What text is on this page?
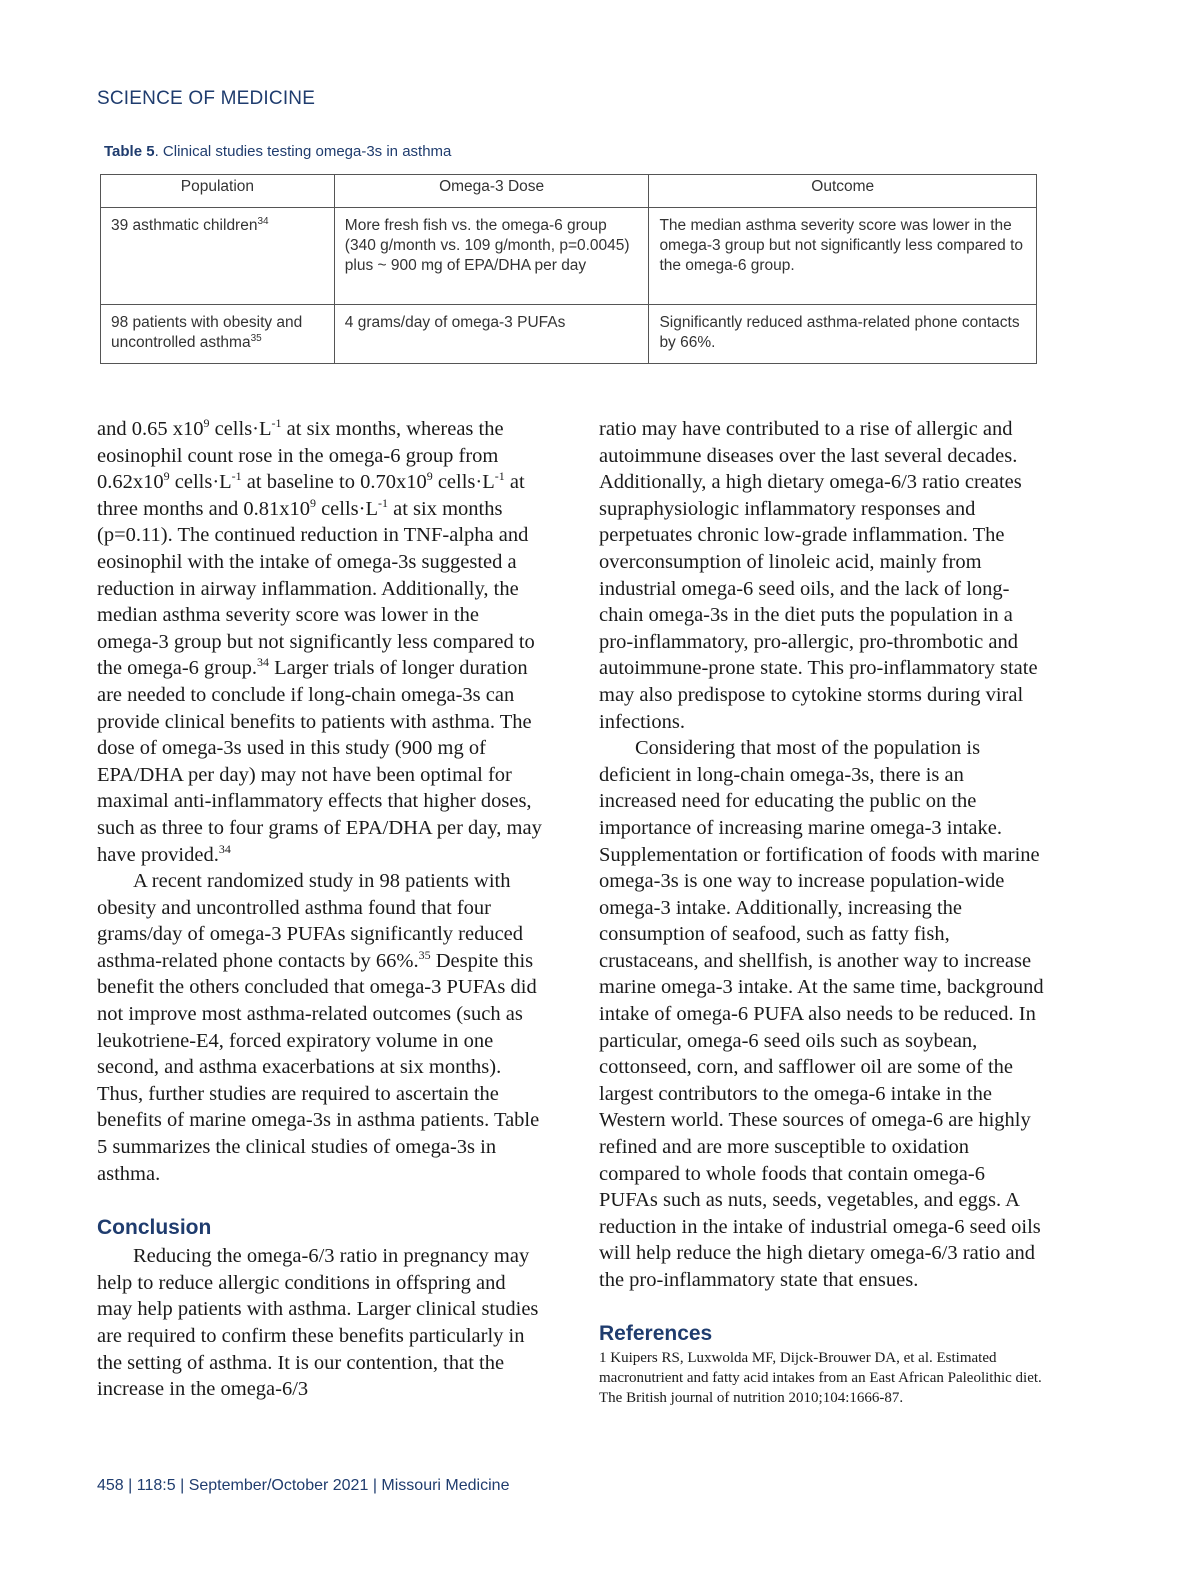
SCIENCE OF MEDICINE
Table 5. Clinical studies testing omega-3s in asthma
Population	Omega-3 Dose	Outcome
39 asthmatic children$^{34}$	More fresh fish vs. the omega-6 group (340 g/month vs. 109 g/month, p=0.0045) plus ~ 900 mg of EPA/DHA per day	The median asthma severity score was lower in the omega-3 group but not significantly less compared to the omega-6 group.
98 patients with obesity and uncontrolled asthma$^{35}$	4 grams/day of omega-3 PUFAs	Significantly reduced asthma-related phone contacts by 66%.

and 0.65 $x10^9$ $cells\cdot L^{-1}$ at six months, whereas the eosinophil count rose in the omega-6 group from $0.62x10^9$ $cells\cdot L^{-1}$ at baseline to $0.70x10^9$ $cells\cdot L^{-1}$ at three months and $0.81x10^9$ $cells\cdot L^{-1}$ at six months (p=0.11). The continued reduction in TNF-alpha and eosinophil with the intake of omega-3s suggested a reduction in airway inflammation. Additionally, the median asthma severity score was lower in the omega-3 group but not significantly less compared to the omega-6 group.$^{34}$ Larger trials of longer duration are needed to conclude if long-chain omega-3s can provide clinical benefits to patients with asthma. The dose of omega-3s used in this study (900 mg of EPA/DHA per day) may not have been optimal for maximal anti-inflammatory effects that higher doses, such as three to four grams of EPA/DHA per day, may have provided.$^{34}$

A recent randomized study in 98 patients with obesity and uncontrolled asthma found that four grams/day of omega-3 PUFAs significantly reduced asthma-related phone contacts by 66%.$^{35}$ Despite this benefit the others concluded that omega-3 PUFAs did not improve most asthma-related outcomes (such as leukotriene-E4, forced expiratory volume in one second, and asthma exacerbations at six months). Thus, further studies are required to ascertain the benefits of marine omega-3s in asthma patients. Table 5 summarizes the clinical studies of omega-3s in asthma.

Conclusion

Reducing the omega-6/3 ratio in pregnancy may help to reduce allergic conditions in offspring and may help patients with asthma. Larger clinical studies are required to confirm these benefits particularly in the setting of asthma. It is our contention, that the increase in the omega-6/3

ratio may have contributed to a rise of allergic and autoimmune diseases over the last several decades. Additionally, a high dietary omega-6/3 ratio creates supraphysiologic inflammatory responses and perpetuates chronic low-grade inflammation. The overconsumption of linoleic acid, mainly from industrial omega-6 seed oils, and the lack of long-chain omega-3s in the diet puts the population in a pro-inflammatory, pro-allergic, pro-thrombotic and autoimmune-prone state. This pro-inflammatory state may also predispose to cytokine storms during viral infections.

Considering that most of the population is deficient in long-chain omega-3s, there is an increased need for educating the public on the importance of increasing marine omega-3 intake. Supplementation or fortification of foods with marine omega-3s is one way to increase population-wide omega-3 intake. Additionally, increasing the consumption of seafood, such as fatty fish, crustaceans, and shellfish, is another way to increase marine omega-3 intake. At the same time, background intake of omega-6 PUFA also needs to be reduced. In particular, omega-6 seed oils such as soybean, cottonseed, corn, and safflower oil are some of the largest contributors to the omega-6 intake in the Western world. These sources of omega-6 are highly refined and are more susceptible to oxidation compared to whole foods that contain omega-6 PUFAs such as nuts, seeds, vegetables, and eggs. A reduction in the intake of industrial omega-6 seed oils will help reduce the high dietary omega-6/3 ratio and the pro-inflammatory state that ensues.

References

1 Kuipers RS, Luxwolda MF, Dijck-Brouwer DA, et al. Estimated macronutrient and fatty acid intakes from an East African Paleolithic diet. The British journal of nutrition 2010;104:1666-87.

458 | 118:5 | September/October 2021 | Missouri Medicine
